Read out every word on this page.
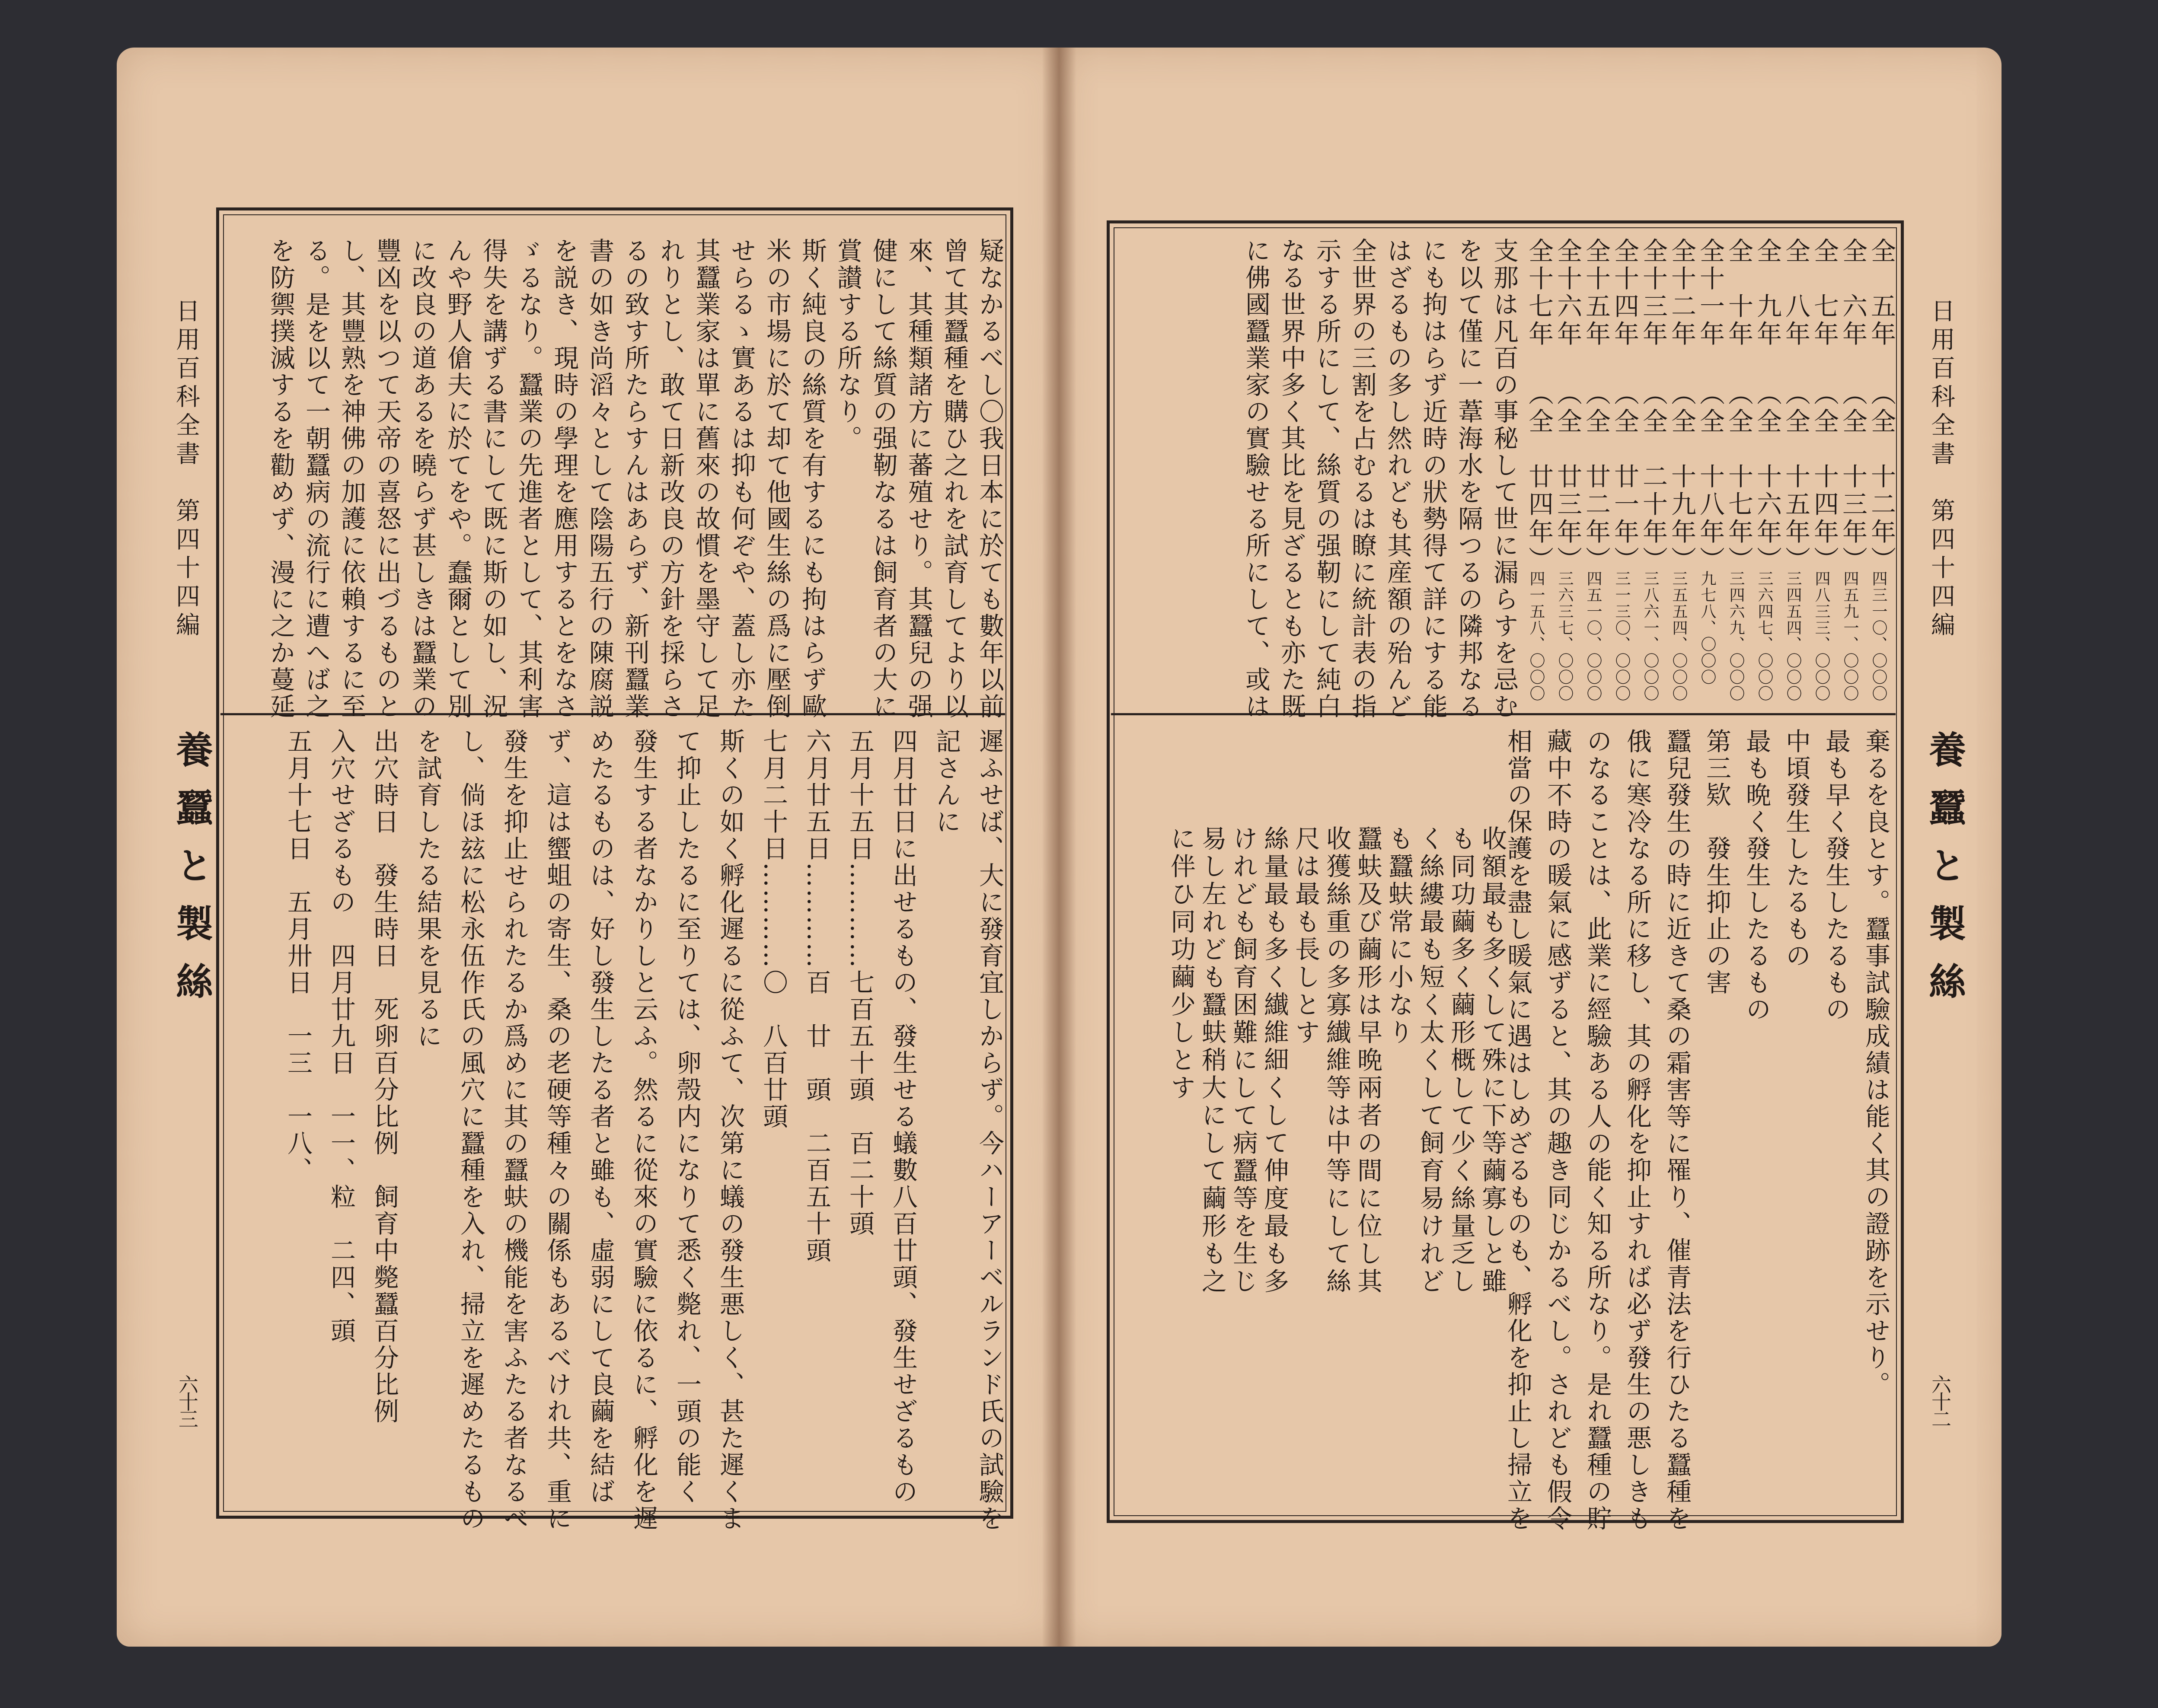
日用百科全書　第四十四編
養蠶と製絲
六十三
疑なかるべし〇我日本に於ても數年以前
曾て其蠶種を購ひ之れを試育してより以
來、其種類諸方に蕃殖せり。其蠶兒の强
健にして絲質の强靭なるは飼育者の大に
賞讃する所なり。
斯く純良の絲質を有するにも拘はらず歐
米の市場に於て却て他國生絲の爲に壓倒
せらるゝ實あるは抑も何ぞや、蓋し亦た
其蠶業家は單に舊來の故慣を墨守して足
れりとし、敢て日新改良の方針を採らさ
るの致す所たらすんはあらず、新刊蠶業
書の如き尚滔々として陰陽五行の陳腐説
を説き、現時の學理を應用するとをなさ
ゞるなり。蠶業の先進者として、其利害
得失を講ずる書にして既に斯の如し、況
んや野人傖夫に於てをや。蠢爾として別
に改良の道あるを曉らず甚しきは蠶業の
豐凶を以つて天帝の喜怒に出づるものと
し、其豐熟を神佛の加護に依賴するに至
る。是を以て一朝蠶病の流行に遭へば之
を防禦撲滅するを勸めず、漫に之か蔓延
遲ふせば、大に發育宜しからず。今ハーアーベルランド氏の試驗を
記さんに
四月廿日に出せるもの、發生せる蟻數八百廿頭、發生せざるもの
五月十五日…………七百五十頭　百二十頭
六月廿五日…………百　廿　頭　二百五十頭
七月二十日…………〇　八百廿頭
斯くの如く孵化遲るに從ふて、次第に蟻の發生悪しく、甚た遲くま
て抑止したるに至りては、卵殼内になりて悉く斃れ、一頭の能く
發生する者なかりしと云ふ。然るに從來の實驗に依るに、孵化を遲
めたるものは、好し發生したる者と雖も、虛弱にして良繭を結ば
ず、這は蠁蛆の寄生、桑の老硬等種々の關係もあるべけれ共、重に
發生を抑止せられたるか爲めに其の蠶蚨の機能を害ふたる者なるべ
し、倘ほ玆に松永伍作氏の風穴に蠶種を入れ、掃立を遲めたるもの
を試育したる結果を見るに
出穴時日　發生時日　死卵百分比例　飼育中斃蠶百分比例
入穴せざるもの　四月廿九日　一一、粒　二四、頭
五月十七日　五月卅日　一三　一八、
日用百科全書　第四十四編
養蠶と製絲
六十二
支那は凡百の事秘して世に漏らすを忌む
を以て僅に一葦海水を隔つるの隣邦なる
にも拘はらず近時の狀勢得て詳にする能
はざるもの多し然れども其産額の殆んど
全世界の三割を占むるは瞭に統計表の指
示する所にして、絲質の强靭にして純白
なる世界中多く其比を見ざるとも亦た既
に佛國蠶業家の實驗せる所にして、或は	全　五年
（全　十二年）
四三一〇、〇〇〇
全　六年
（全　十三年）
四五九一、〇〇〇
全　七年
（全　十四年）
四八三三、〇〇〇
全　八年
（全　十五年）
三四五四、〇〇〇
全　九年
（全　十六年）
三六四七、〇〇〇
全　十年
（全　十七年）
三四六九、〇〇〇
全十一年
（全　十八年）
九七八、〇〇〇
全十二年
（全　十九年）
三五五四、〇〇〇
全十三年
（全　二十年）
三八六一、〇〇〇
全十四年
（全　廿一年）
三一三〇、〇〇〇
全十五年
（全　廿二年）
四五一〇、〇〇〇
全十六年
（全　廿三年）
三六三七、〇〇〇
全十七年
（全　廿四年）
四一五八、〇〇〇
棄るを良とす。蠶事試驗成績は能く其の證跡を示せり。
最も早く發生したるもの
中頃發生したるもの
最も晩く發生したるもの
第三欵　發生抑止の害
蠶兒發生の時に近きて桑の霜害等に罹り、催青法を行ひたる蠶種を
俄に寒冷なる所に移し、其の孵化を抑止すれば必ず發生の悪しきも
のなることは、此業に經驗ある人の能く知る所なり。是れ蠶種の貯
藏中不時の暖氣に感ずると、其の趣き同じかるべし。されども假令
相當の保護を盡し暖氣に遇はしめざるものも、孵化を抑止し掃立を
收額最も多くして殊に下等繭寡しと雖
も同功繭多く繭形概して少く絲量乏し
く絲縷最も短く太くして飼育易けれど
も蠶蚨常に小なり
蠶蚨及び繭形は早晩兩者の間に位し其
收獲絲重の多寡纎維等は中等にして絲
尺は最も長しとす
絲量最も多く纎維細くして伸度最も多
けれども飼育困難にして病蠶等を生じ
易し左れども蠶蚨稍大にして繭形も之
に伴ひ同功繭少しとす
